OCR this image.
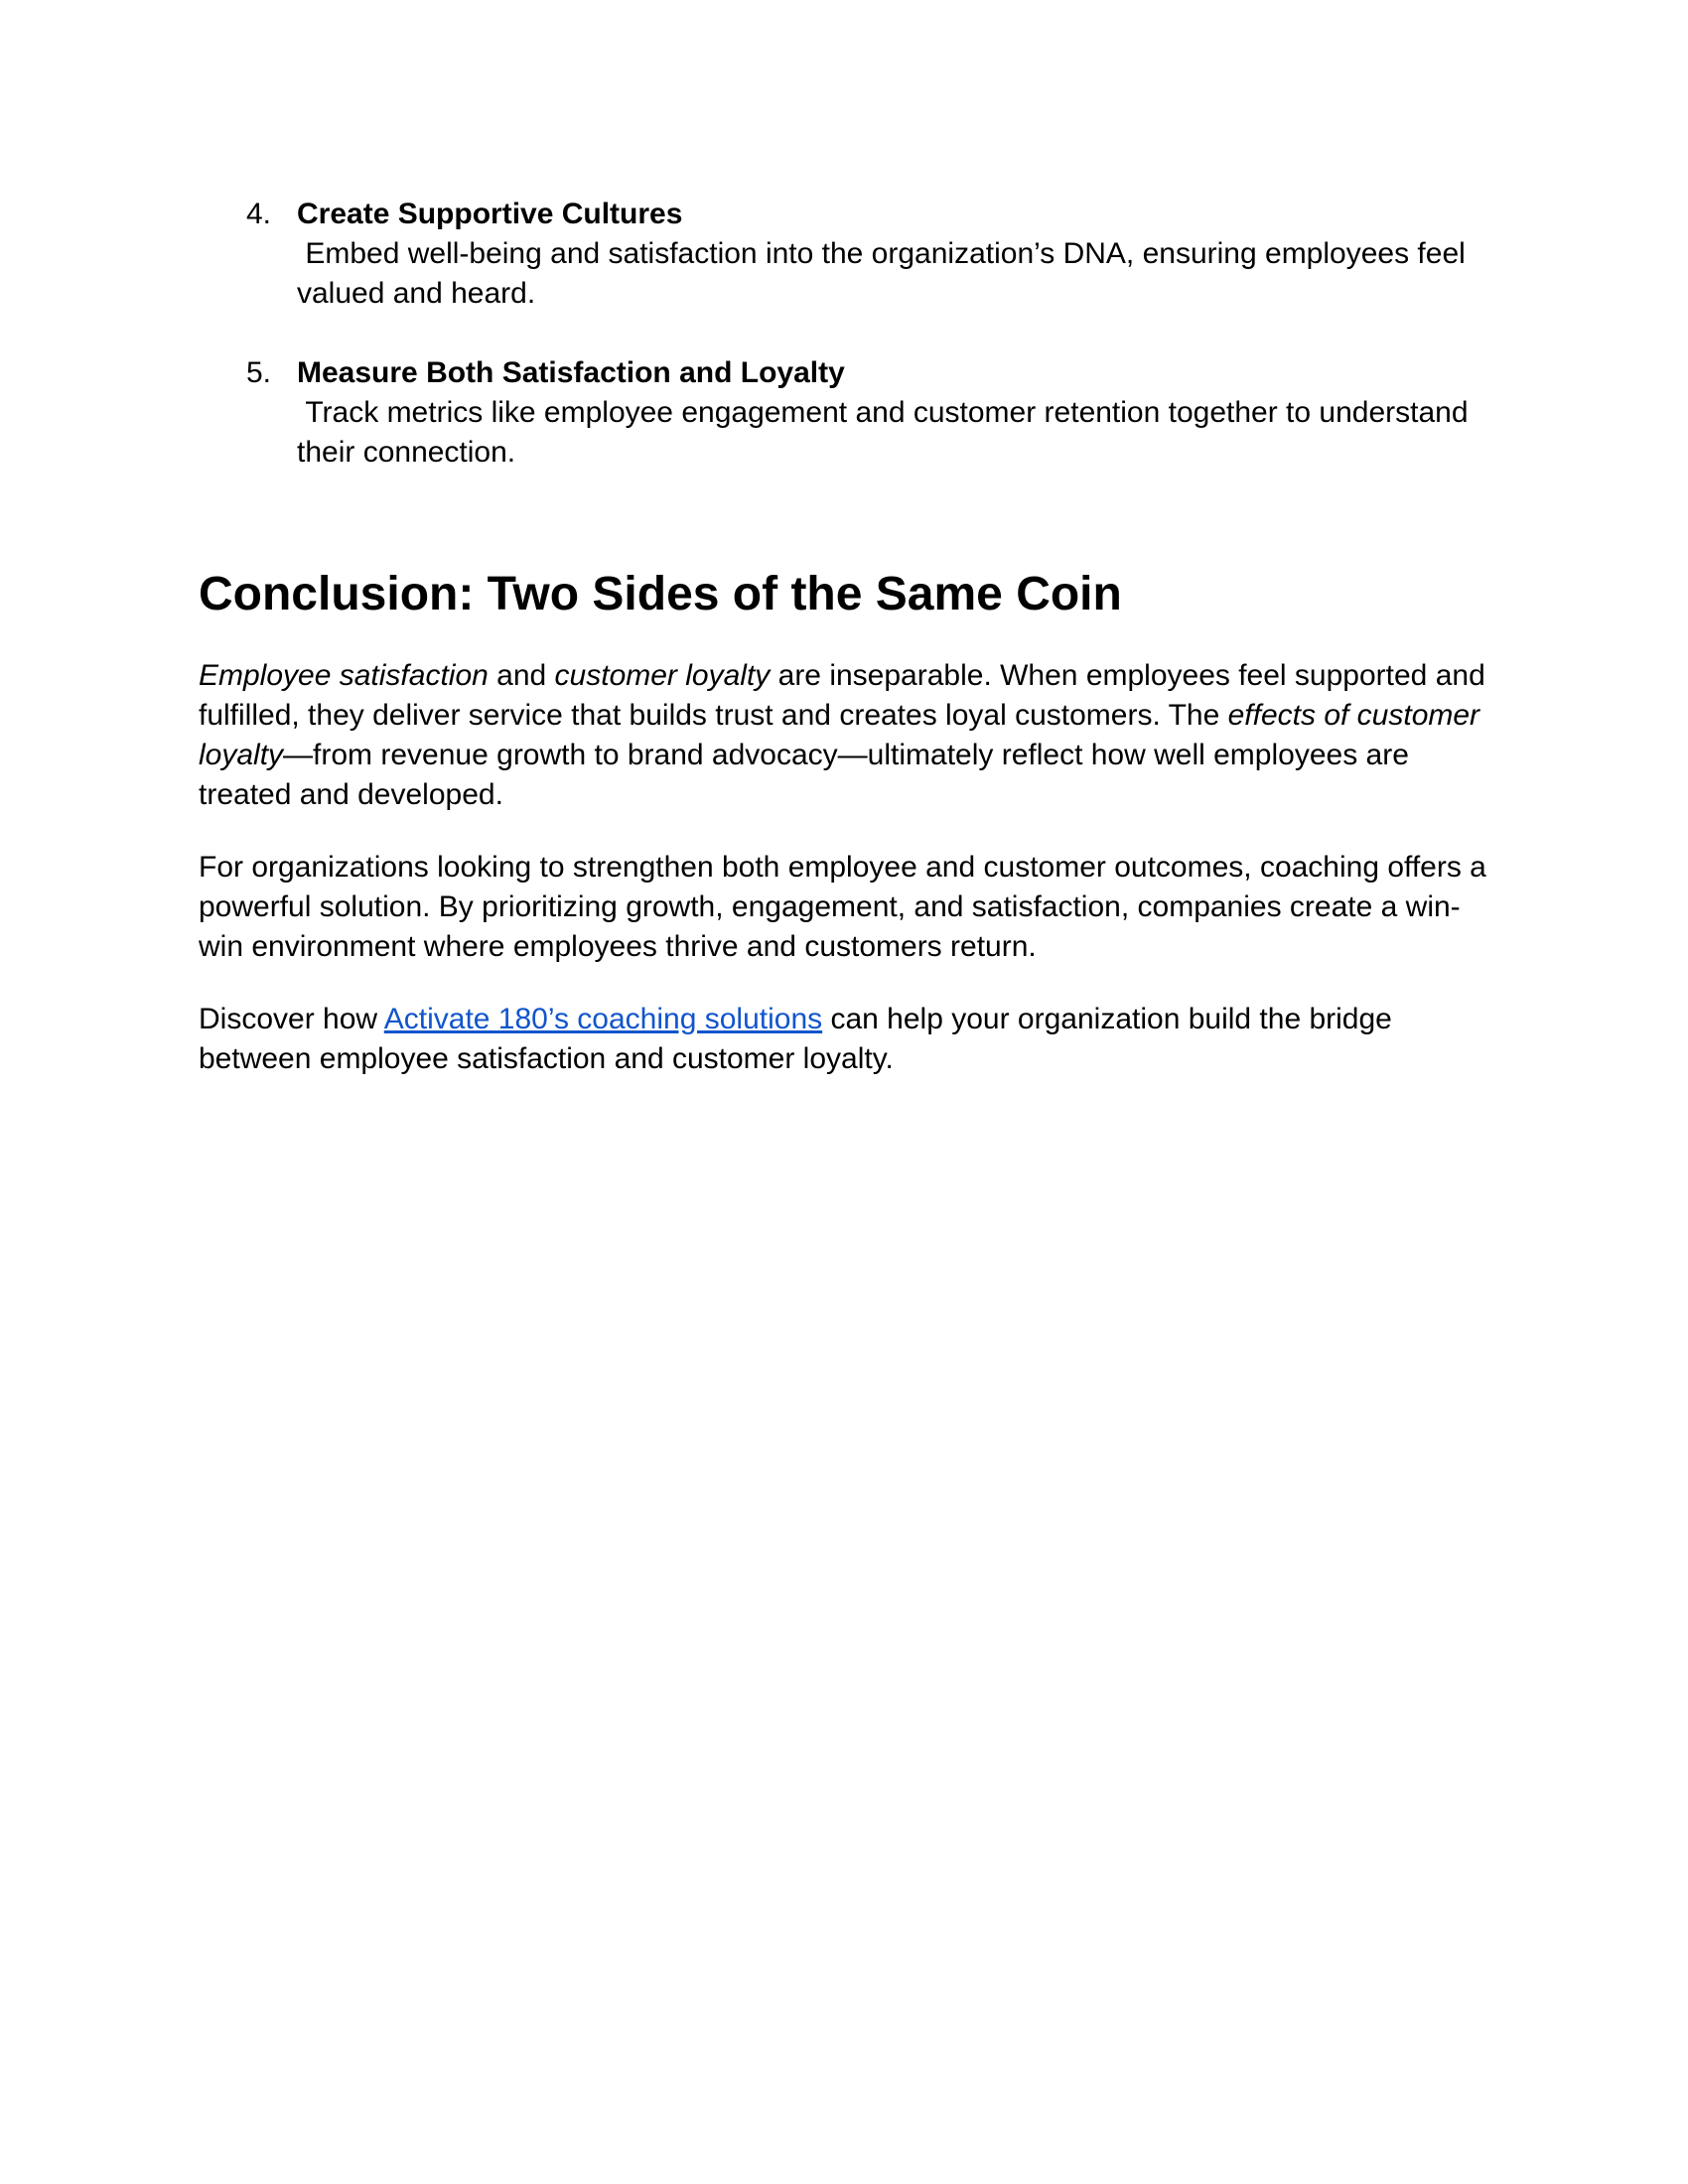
4. Create Supportive Cultures
Embed well-being and satisfaction into the organization’s DNA, ensuring employees feel valued and heard.
5. Measure Both Satisfaction and Loyalty
Track metrics like employee engagement and customer retention together to understand their connection.
Conclusion: Two Sides of the Same Coin

Employee satisfaction and customer loyalty are inseparable. When employees feel supported and fulfilled, they deliver service that builds trust and creates loyal customers. The effects of customer loyalty—from revenue growth to brand advocacy—ultimately reflect how well employees are treated and developed.

For organizations looking to strengthen both employee and customer outcomes, coaching offers a powerful solution. By prioritizing growth, engagement, and satisfaction, companies create a win-win environment where employees thrive and customers return.

Discover how Activate 180’s coaching solutions can help your organization build the bridge between employee satisfaction and customer loyalty.
